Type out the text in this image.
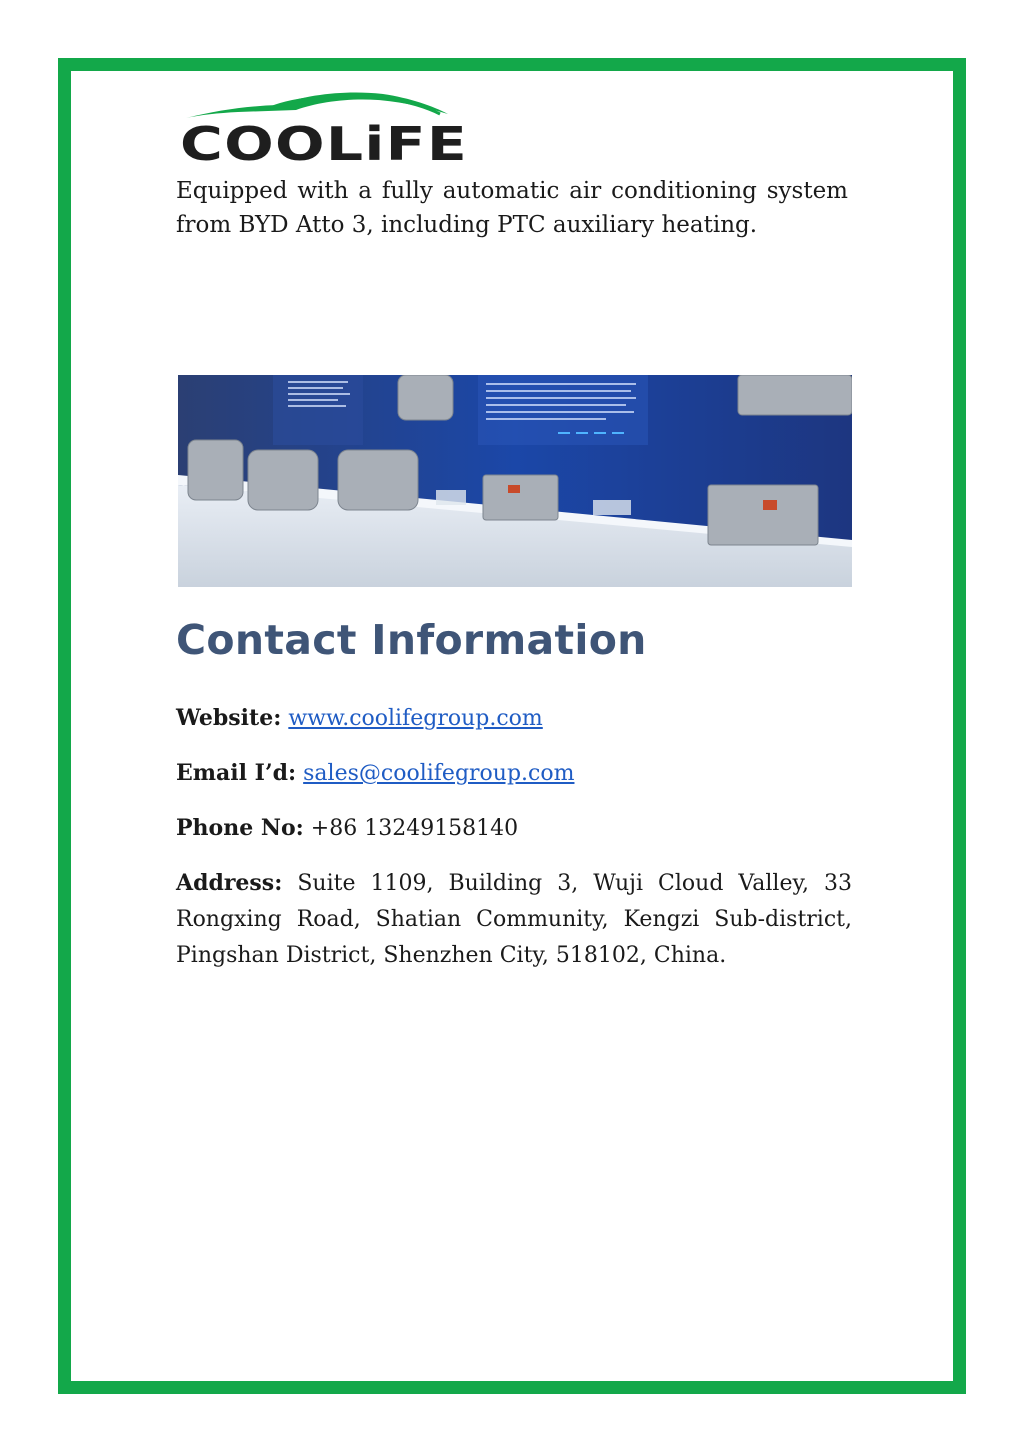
COOLiFE
Equipped with a fully automatic air conditioning system from BYD Atto 3, including PTC auxiliary heating.
Contact Information
Website: www.coolifegroup.com
Email I’d: sales@coolifegroup.com
Phone No: +86 13249158140
Address: Suite 1109, Building 3, Wuji Cloud Valley, 33 Rongxing Road, Shatian Community, Kengzi Sub-district, Pingshan District, Shenzhen City, 518102, China.
